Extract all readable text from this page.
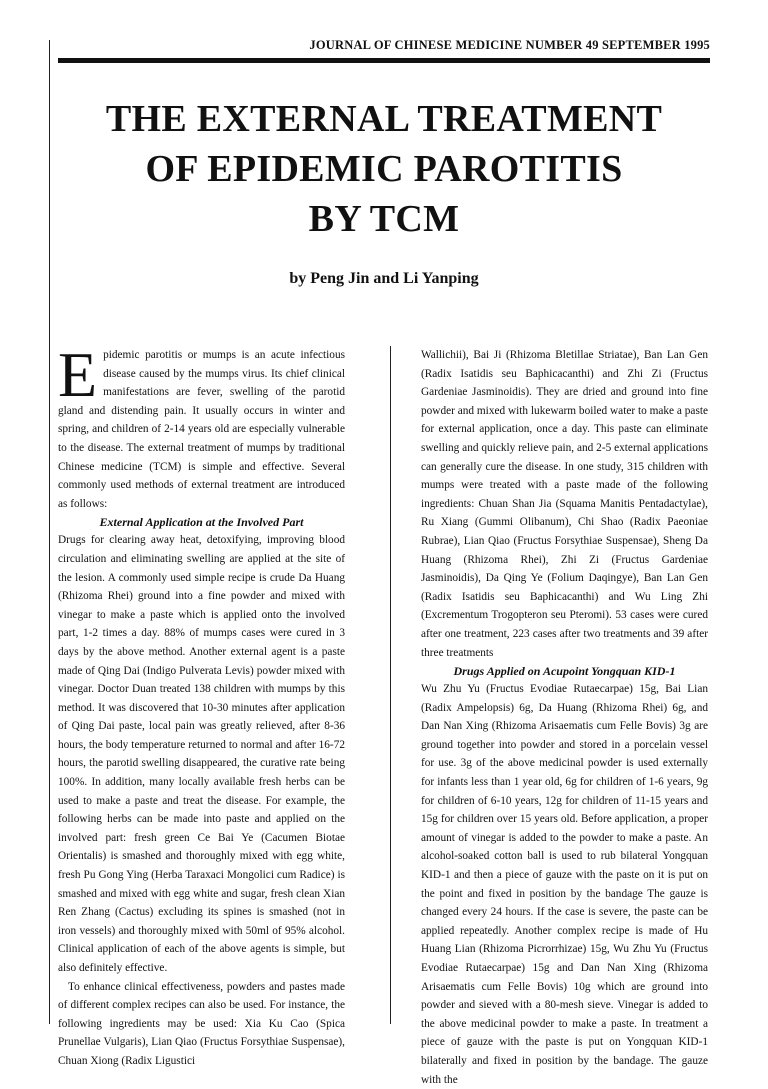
JOURNAL OF CHINESE MEDICINE NUMBER 49 SEPTEMBER 1995
THE EXTERNAL TREATMENT
OF EPIDEMIC PAROTITIS
BY TCM
by Peng Jin and Li Yanping

Epidemic parotitis or mumps is an acute infectious disease caused by the mumps virus. Its chief clinical manifestations are fever, swelling of the parotid gland and distending pain. It usually occurs in winter and spring, and children of 2-14 years old are especially vulnerable to the disease. The external treatment of mumps by traditional Chinese medicine (TCM) is simple and effective. Several commonly used methods of external treatment are introduced as follows:

External Application at the Involved Part

Drugs for clearing away heat, detoxifying, improving blood circulation and eliminating swelling are applied at the site of the lesion. A commonly used simple recipe is crude Da Huang (Rhizoma Rhei) ground into a fine powder and mixed with vinegar to make a paste which is applied onto the involved part, 1-2 times a day. 88% of mumps cases were cured in 3 days by the above method. Another external agent is a paste made of Qing Dai (Indigo Pulverata Levis) powder mixed with vinegar. Doctor Duan treated 138 children with mumps by this method. It was discovered that 10-30 minutes after application of Qing Dai paste, local pain was greatly relieved, after 8-36 hours, the body temperature returned to normal and after 16-72 hours, the parotid swelling disappeared, the curative rate being 100%. In addition, many locally available fresh herbs can be used to make a paste and treat the disease. For example, the following herbs can be made into paste and applied on the involved part: fresh green Ce Bai Ye (Cacumen Biotae Orientalis) is smashed and thoroughly mixed with egg white, fresh Pu Gong Ying (Herba Taraxaci Mongolici cum Radice) is smashed and mixed with egg white and sugar, fresh clean Xian Ren Zhang (Cactus) excluding its spines is smashed (not in iron vessels) and thoroughly mixed with 50ml of 95% alcohol. Clinical application of each of the above agents is simple, but also definitely effective.

To enhance clinical effectiveness, powders and pastes made of different complex recipes can also be used. For instance, the following ingredients may be used: Xia Ku Cao (Spica Prunellae Vulgaris), Lian Qiao (Fructus Forsythiae Suspensae), Chuan Xiong (Radix Ligustici

Wallichii), Bai Ji (Rhizoma Bletillae Striatae), Ban Lan Gen (Radix Isatidis seu Baphicacanthi) and Zhi Zi (Fructus Gardeniae Jasminoidis). They are dried and ground into fine powder and mixed with lukewarm boiled water to make a paste for external application, once a day. This paste can eliminate swelling and quickly relieve pain, and 2-5 external applications can generally cure the disease. In one study, 315 children with mumps were treated with a paste made of the following ingredients: Chuan Shan Jia (Squama Manitis Pentadactylae), Ru Xiang (Gummi Olibanum), Chi Shao (Radix Paeoniae Rubrae), Lian Qiao (Fructus Forsythiae Suspensae), Sheng Da Huang (Rhizoma Rhei), Zhi Zi (Fructus Gardeniae Jasminoidis), Da Qing Ye (Folium Daqingye), Ban Lan Gen (Radix Isatidis seu Baphicacanthi) and Wu Ling Zhi (Excrementum Trogopteron seu Pteromi). 53 cases were cured after one treatment, 223 cases after two treatments and 39 after three treatments

Drugs Applied on Acupoint Yongquan KID-1

Wu Zhu Yu (Fructus Evodiae Rutaecarpae) 15g, Bai Lian (Radix Ampelopsis) 6g, Da Huang (Rhizoma Rhei) 6g, and Dan Nan Xing (Rhizoma Arisaematis cum Felle Bovis) 3g are ground together into powder and stored in a porcelain vessel for use. 3g of the above medicinal powder is used externally for infants less than 1 year old, 6g for children of 1-6 years, 9g for children of 6-10 years, 12g for children of 11-15 years and 15g for children over 15 years old. Before application, a proper amount of vinegar is added to the powder to make a paste. An alcohol-soaked cotton ball is used to rub bilateral Yongquan KID-1 and then a piece of gauze with the paste on it is put on the point and fixed in position by the bandage The gauze is changed every 24 hours. If the case is severe, the paste can be applied repeatedly. Another complex recipe is made of Hu Huang Lian (Rhizoma Picrorrhizae) 15g, Wu Zhu Yu (Fructus Evodiae Rutaecarpae) 15g and Dan Nan Xing (Rhizoma Arisaematis cum Felle Bovis) 10g which are ground into powder and sieved with a 80-mesh sieve. Vinegar is added to the above medicinal powder to make a paste. In treatment a piece of gauze with the paste is put on Yongquan KID-1 bilaterally and fixed in position by the bandage. The gauze with the
